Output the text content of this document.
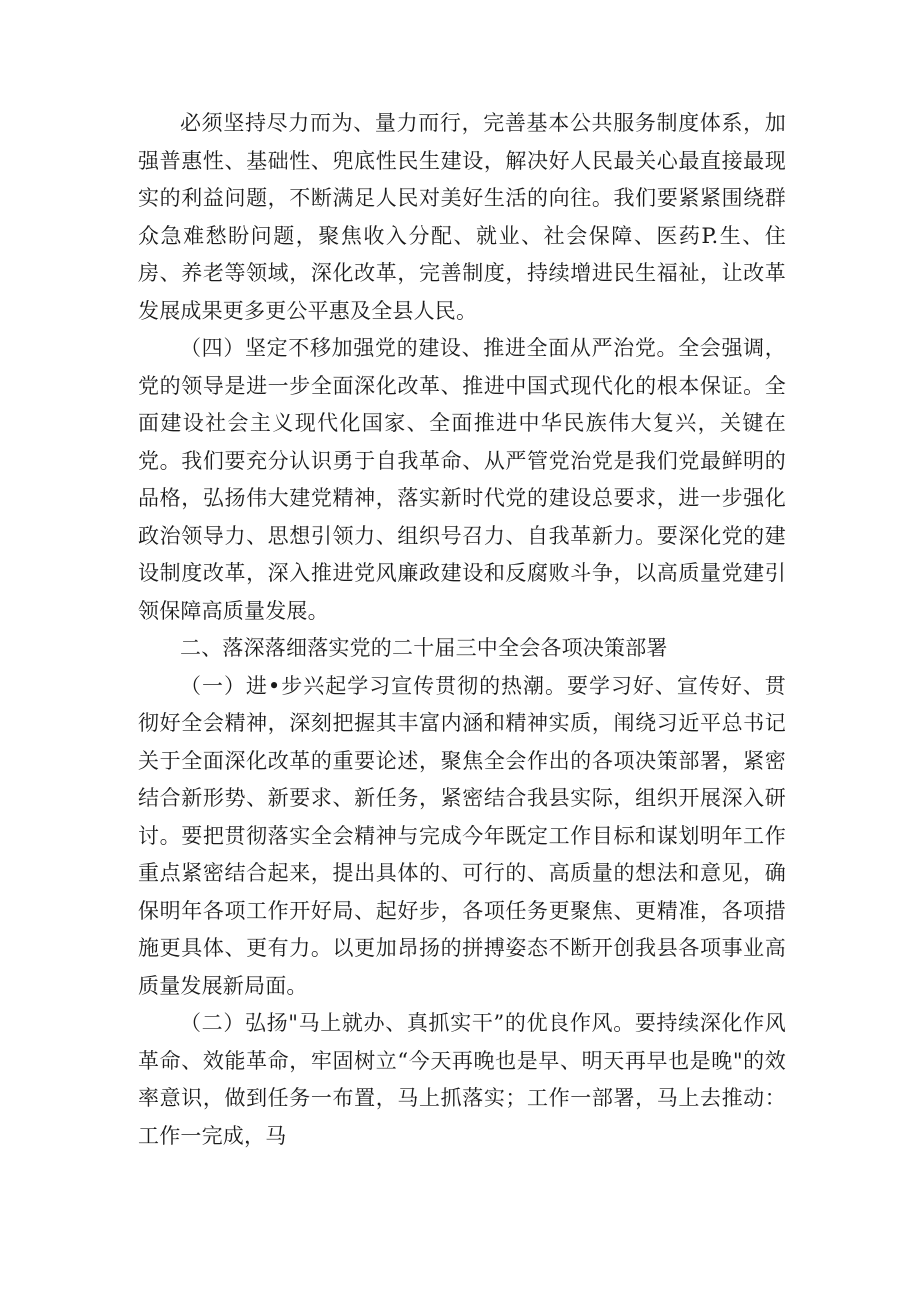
必须坚持尽力而为、量力而行，完善基本公共服务制度体系，加强普惠性、基础性、兜底性民生建设，解决好人民最关心最直接最现实的利益问题，不断满足人民对美好生活的向往。我们要紧紧围绕群众急难愁盼问题，聚焦收入分配、就业、社会保障、医药P.生、住房、养老等领域，深化改革，完善制度，持续增进民生福祉，让改革发展成果更多更公平惠及全县人民。

（四）坚定不移加强党的建设、推进全面从严治党。全会强调，党的领导是进一步全面深化改革、推进中国式现代化的根本保证。全面建设社会主义现代化国家、全面推进中华民族伟大复兴，关键在党。我们要充分认识勇于自我革命、从严管党治党是我们党最鲜明的品格，弘扬伟大建党精神，落实新时代党的建设总要求，进一步强化政治领导力、思想引领力、组织号召力、自我革新力。要深化党的建设制度改革，深入推进党风廉政建设和反腐败斗争，以高质量党建引领保障高质量发展。

二、落深落细落实党的二十届三中全会各项决策部署

（一）进•步兴起学习宣传贯彻的热潮。要学习好、宣传好、贯彻好全会精神，深刻把握其丰富内涵和精神实质，闱绕习近平总书记关于全面深化改革的重要论述，聚焦全会作出的各项决策部署，紧密结合新形势、新要求、新任务，紧密结合我县实际，组织开展深入研讨。要把贯彻落实全会精神与完成今年既定工作目标和谋划明年工作重点紧密结合起来，提出具体的、可行的、高质量的想法和意见，确保明年各项工作开好局、起好步，各项任务更聚焦、更精准，各项措施更具体、更有力。以更加昂扬的拼搏姿态不断开创我县各项事业高质量发展新局面。

（二）弘扬"马上就办、真抓实干”的优良作风。要持续深化作风革命、效能革命，牢固树立“今天再晚也是早、明天再早也是晚"的效率意识，做到任务一布置，马上抓落实；工作一部署，马上去推动：工作一完成，马
